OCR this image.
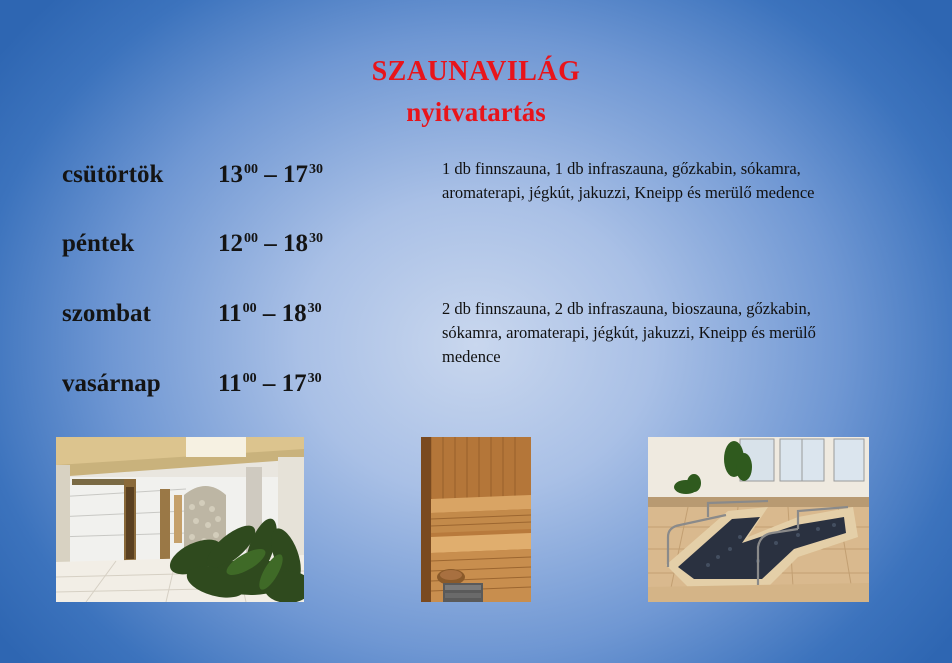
SZAUNAVILÁG
nyitvatartás
csütörtök $13^{00} - 17^{30}$
péntek	$12^{00} - 18^{30}$
szombat	$11^{00} - 18^{30}$
vasárnap $11^{00} - 17^{30}$
1 db finnszauna, 1 db infraszauna, gőzkabin, sókamra, aromaterapi, jégkút, jakuzzi, Kneipp és merülő medence
2 db finnszauna, 2 db infraszauna, bioszauna, gőzkabin, sókamra, aromaterapi, jégkút, jakuzzi, Kneipp és merülő medence
